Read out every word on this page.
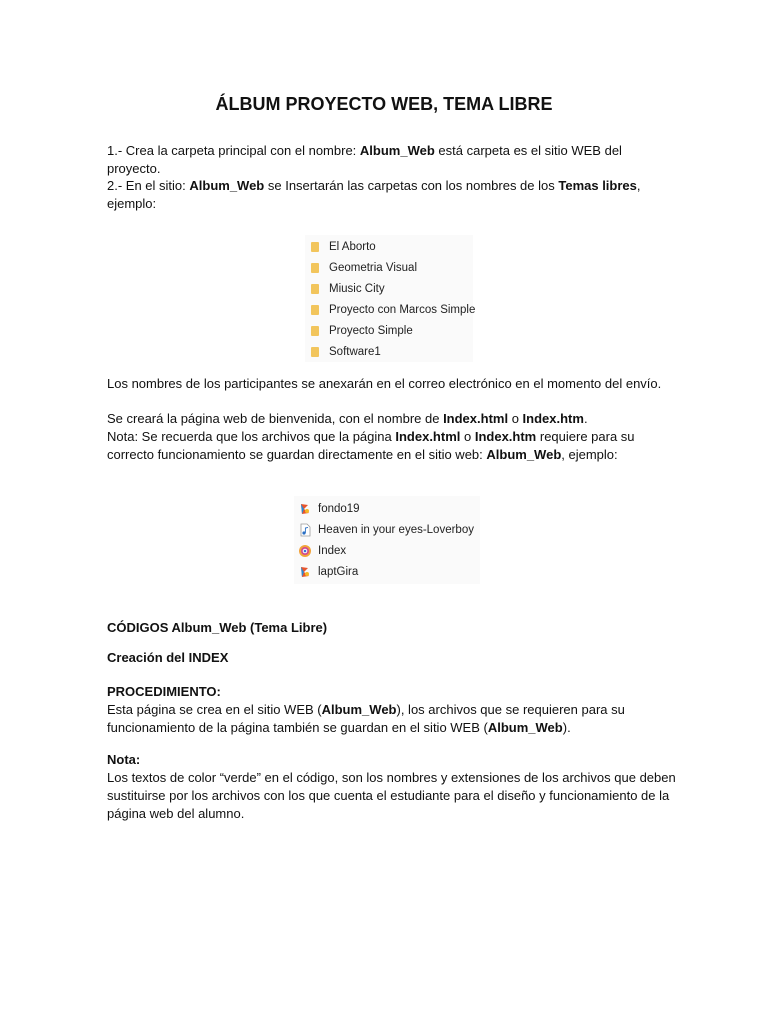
ÁLBUM PROYECTO WEB, TEMA LIBRE

1.- Crea la carpeta principal con el nombre: Album_Web está carpeta es el sitio WEB del proyecto.

2.- En el sitio: Album_Web se Insertarán las carpetas con los nombres de los Temas libres,
ejemplo:

El Aborto
Geometria Visual
Miusic City
Proyecto con Marcos Simple
Proyecto Simple
Software1

Los nombres de los participantes se anexarán en el correo electrónico en el momento del envío.

Se creará la página web de bienvenida, con el nombre de Index.html o Index.htm.

Nota: Se recuerda que los archivos que la página Index.html o Index.htm requiere para su
correcto funcionamiento se guardan directamente en el sitio web: Album_Web, ejemplo:

fondo19
Heaven in your eyes-Loverboy
Index
laptGira

CÓDIGOS Album_Web (Tema Libre)

Creación del INDEX

PROCEDIMIENTO:
Esta página se crea en el sitio WEB (Album_Web), los archivos que se requieren para su
funcionamiento de la página también se guardan en el sitio WEB (Album_Web).

Nota:
Los textos de color “verde” en el código, son los nombres y extensiones de los archivos que deben
sustituirse por los archivos con los que cuenta el estudiante para el diseño y funcionamiento de la
página web del alumno.
